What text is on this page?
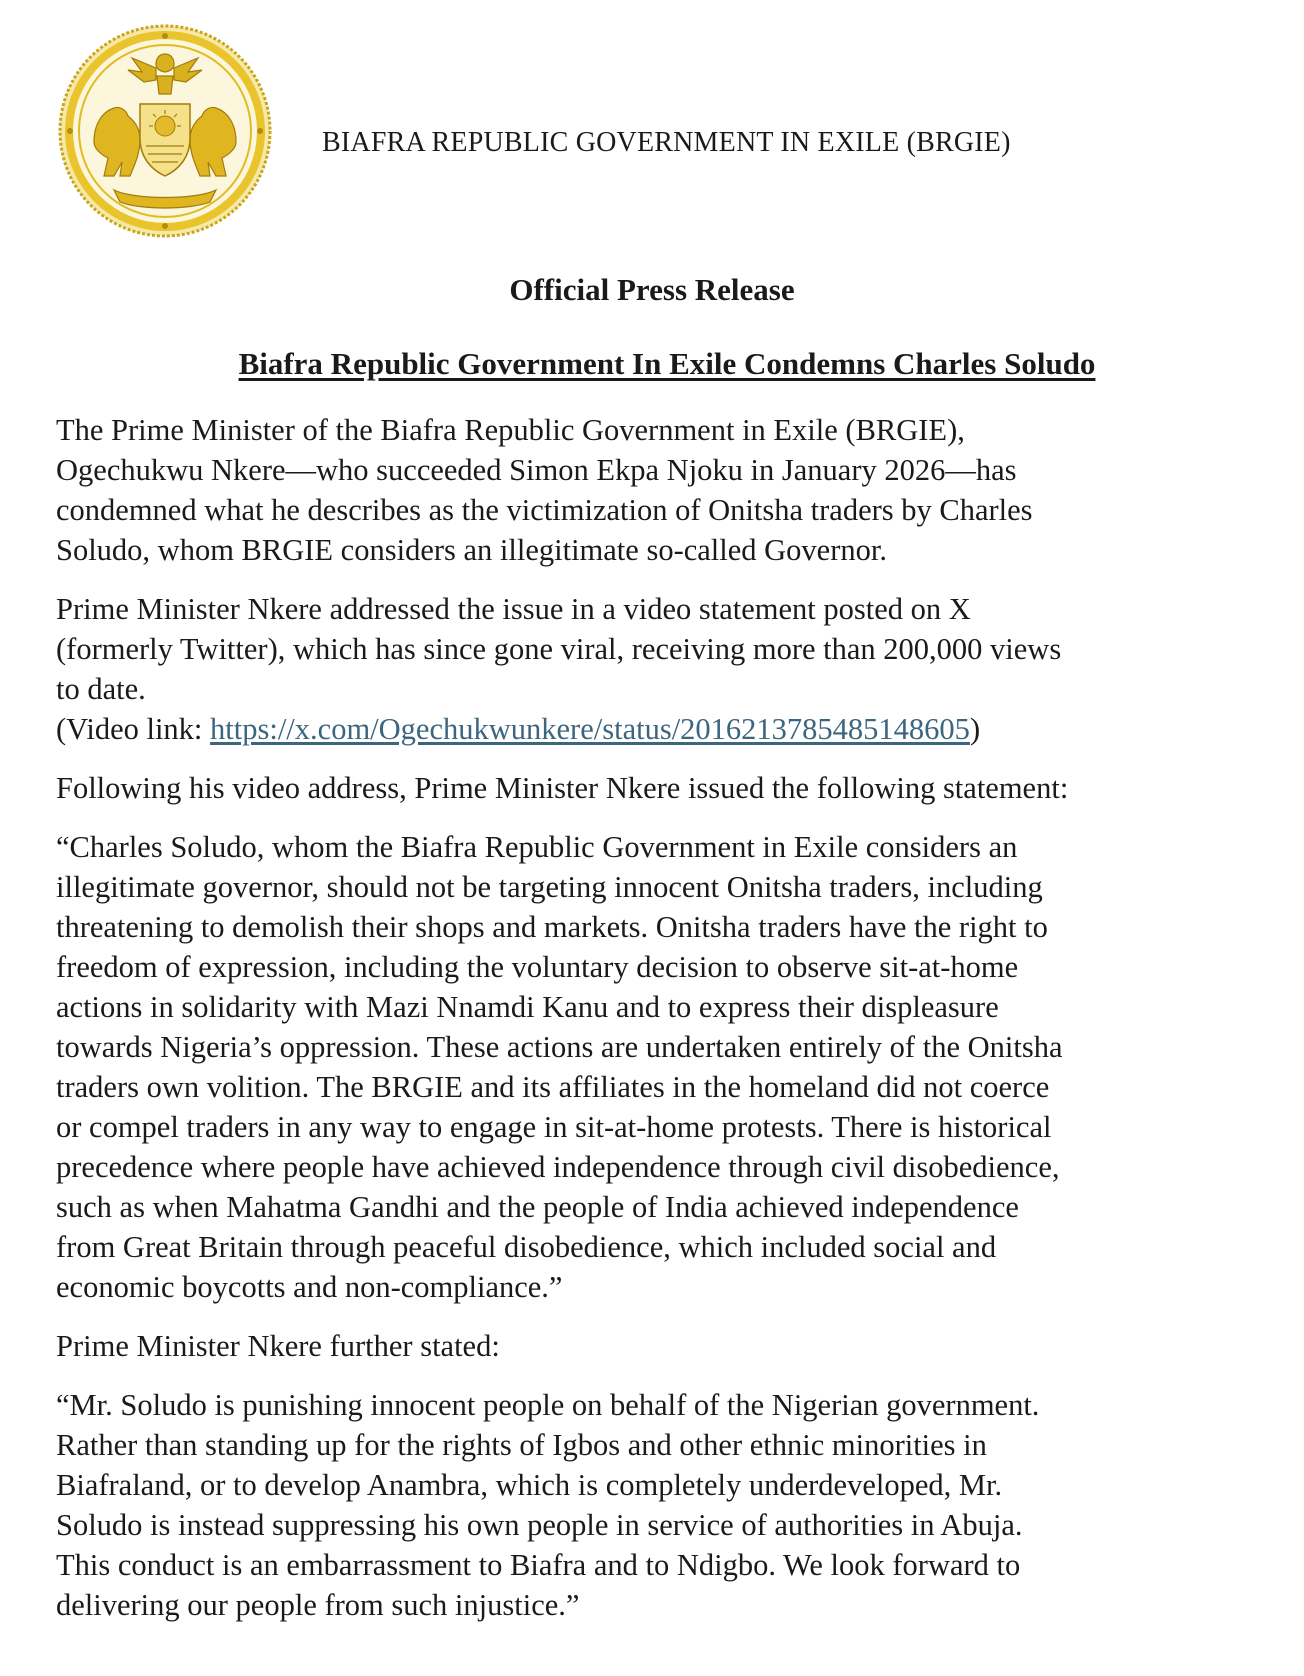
BIAFRA REPUBLIC GOVERNMENT IN EXILE (BRGIE)
Official Press Release
Biafra Republic Government In Exile Condemns Charles Soludo

The Prime Minister of the Biafra Republic Government in Exile (BRGIE),
Ogechukwu Nkere—who succeeded Simon Ekpa Njoku in January 2026—has
condemned what he describes as the victimization of Onitsha traders by Charles
Soludo, whom BRGIE considers an illegitimate so-called Governor.

Prime Minister Nkere addressed the issue in a video statement posted on X
(formerly Twitter), which has since gone viral, receiving more than 200,000 views
to date.
(Video link: https://x.com/Ogechukwunkere/status/2016213785485148605)

Following his video address, Prime Minister Nkere issued the following statement:

“Charles Soludo, whom the Biafra Republic Government in Exile considers an
illegitimate governor, should not be targeting innocent Onitsha traders, including
threatening to demolish their shops and markets. Onitsha traders have the right to
freedom of expression, including the voluntary decision to observe sit-at-home
actions in solidarity with Mazi Nnamdi Kanu and to express their displeasure
towards Nigeria’s oppression. These actions are undertaken entirely of the Onitsha
traders own volition. The BRGIE and its affiliates in the homeland did not coerce
or compel traders in any way to engage in sit-at-home protests. There is historical
precedence where people have achieved independence through civil disobedience,
such as when Mahatma Gandhi and the people of India achieved independence
from Great Britain through peaceful disobedience, which included social and
economic boycotts and non-compliance.”

Prime Minister Nkere further stated:

“Mr. Soludo is punishing innocent people on behalf of the Nigerian government.
Rather than standing up for the rights of Igbos and other ethnic minorities in
Biafraland, or to develop Anambra, which is completely underdeveloped, Mr.
Soludo is instead suppressing his own people in service of authorities in Abuja.
This conduct is an embarrassment to Biafra and to Ndigbo. We look forward to
delivering our people from such injustice.”
